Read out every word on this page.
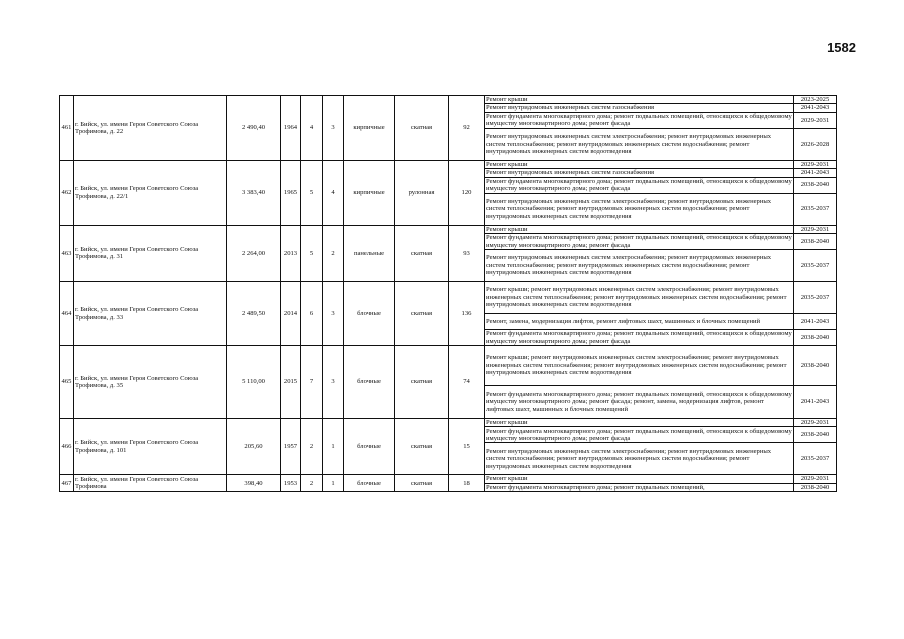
1582
461	г. Бийск, ул. имени Героя Советского Союза Трофимова, д. 22	2 490,40	1964	4	3	кирпичные	скатная	92	Ремонт крыши	2023-2025
									Ремонт внутридомовых инженерных систем газоснабжения	2041-2043
									Ремонт фундамента многоквартирного дома; ремонт подвальных помещений, относящихся к общедомовому имуществу многоквартирного дома; ремонт фасада	2029-2031
									Ремонт внутридомовых инженерных систем электроснабжения; ремонт внутридомовых инженерных систем теплоснабжения; ремонт внутридомовых инженерных систем водоснабжения; ремонт внутридомовых инженерных систем водоотведения	2026-2028
462	г. Бийск, ул. имени Героя Советского Союза Трофимова, д. 22/1	3 383,40	1965	5	4	кирпичные	рулонная	120	Ремонт крыши	2029-2031
									Ремонт внутридомовых инженерных систем газоснабжения	2041-2043
									Ремонт фундамента многоквартирного дома; ремонт подвальных помещений, относящихся к общедомовому имуществу многоквартирного дома; ремонт фасада	2038-2040
									Ремонт внутридомовых инженерных систем электроснабжения; ремонт внутридомовых инженерных систем теплоснабжения; ремонт внутридомовых инженерных систем водоснабжения; ремонт внутридомовых инженерных систем водоотведения	2035-2037
463	г. Бийск, ул. имени Героя Советского Союза Трофимова, д. 31	2 264,00	2013	5	2	панельные	скатная	93	Ремонт крыши	2029-2031
									Ремонт фундамента многоквартирного дома; ремонт подвальных помещений, относящихся к общедомовому имуществу многоквартирного дома; ремонт фасада	2038-2040
									Ремонт внутридомовых инженерных систем электроснабжения; ремонт внутридомовых инженерных систем теплоснабжения; ремонт внутридомовых инженерных систем водоснабжения; ремонт внутридомовых инженерных систем водоотведения	2035-2037
464	г. Бийск, ул. имени Героя Советского Союза Трофимова, д. 33	2 489,50	2014	6	3	блочные	скатная	136	Ремонт крыши; ремонт внутридомовых инженерных систем электроснабжения; ремонт внутридомовых инженерных систем теплоснабжения; ремонт внутридомовых инженерных систем водоснабжения; ремонт внутридомовых инженерных систем водоотведения	2035-2037
									Ремонт, замена, модернизация лифтов, ремонт лифтовых шахт, машинных и блочных помещений	2041-2043
									Ремонт фундамента многоквартирного дома; ремонт подвальных помещений, относящихся к общедомовому имуществу многоквартирного дома; ремонт фасада	2038-2040
465	г. Бийск, ул. имени Героя Советского Союза Трофимова, д. 35	5 110,00	2015	7	3	блочные	скатная	74	Ремонт крыши; ремонт внутридомовых инженерных систем электроснабжения; ремонт внутридомовых инженерных систем теплоснабжения; ремонт внутридомовых инженерных систем водоснабжения; ремонт внутридомовых инженерных систем водоотведения	2038-2040
									Ремонт фундамента многоквартирного дома; ремонт подвальных помещений, относящихся к общедомовому имуществу многоквартирного дома; ремонт фасада; ремонт, замена, модернизация лифтов, ремонт лифтовых шахт, машинных и блочных помещений	2041-2043
466	г. Бийск, ул. имени Героя Советского Союза Трофимова, д. 101	205,60	1957	2	1	блочные	скатная	15	Ремонт крыши	2029-2031
									Ремонт фундамента многоквартирного дома; ремонт подвальных помещений, относящихся к общедомовому имуществу многоквартирного дома; ремонт фасада	2038-2040
									Ремонт внутридомовых инженерных систем электроснабжения; ремонт внутридомовых инженерных систем теплоснабжения; ремонт внутридомовых инженерных систем водоснабжения; ремонт внутридомовых инженерных систем водоотведения	2035-2037
467	г. Бийск, ул. имени Героя Советского Союза Трофимова	398,40	1953	2	1	блочные	скатная	18	Ремонт крыши	2029-2031
									Ремонт фундамента многоквартирного дома; ремонт подвальных помещений,	2038-2040
